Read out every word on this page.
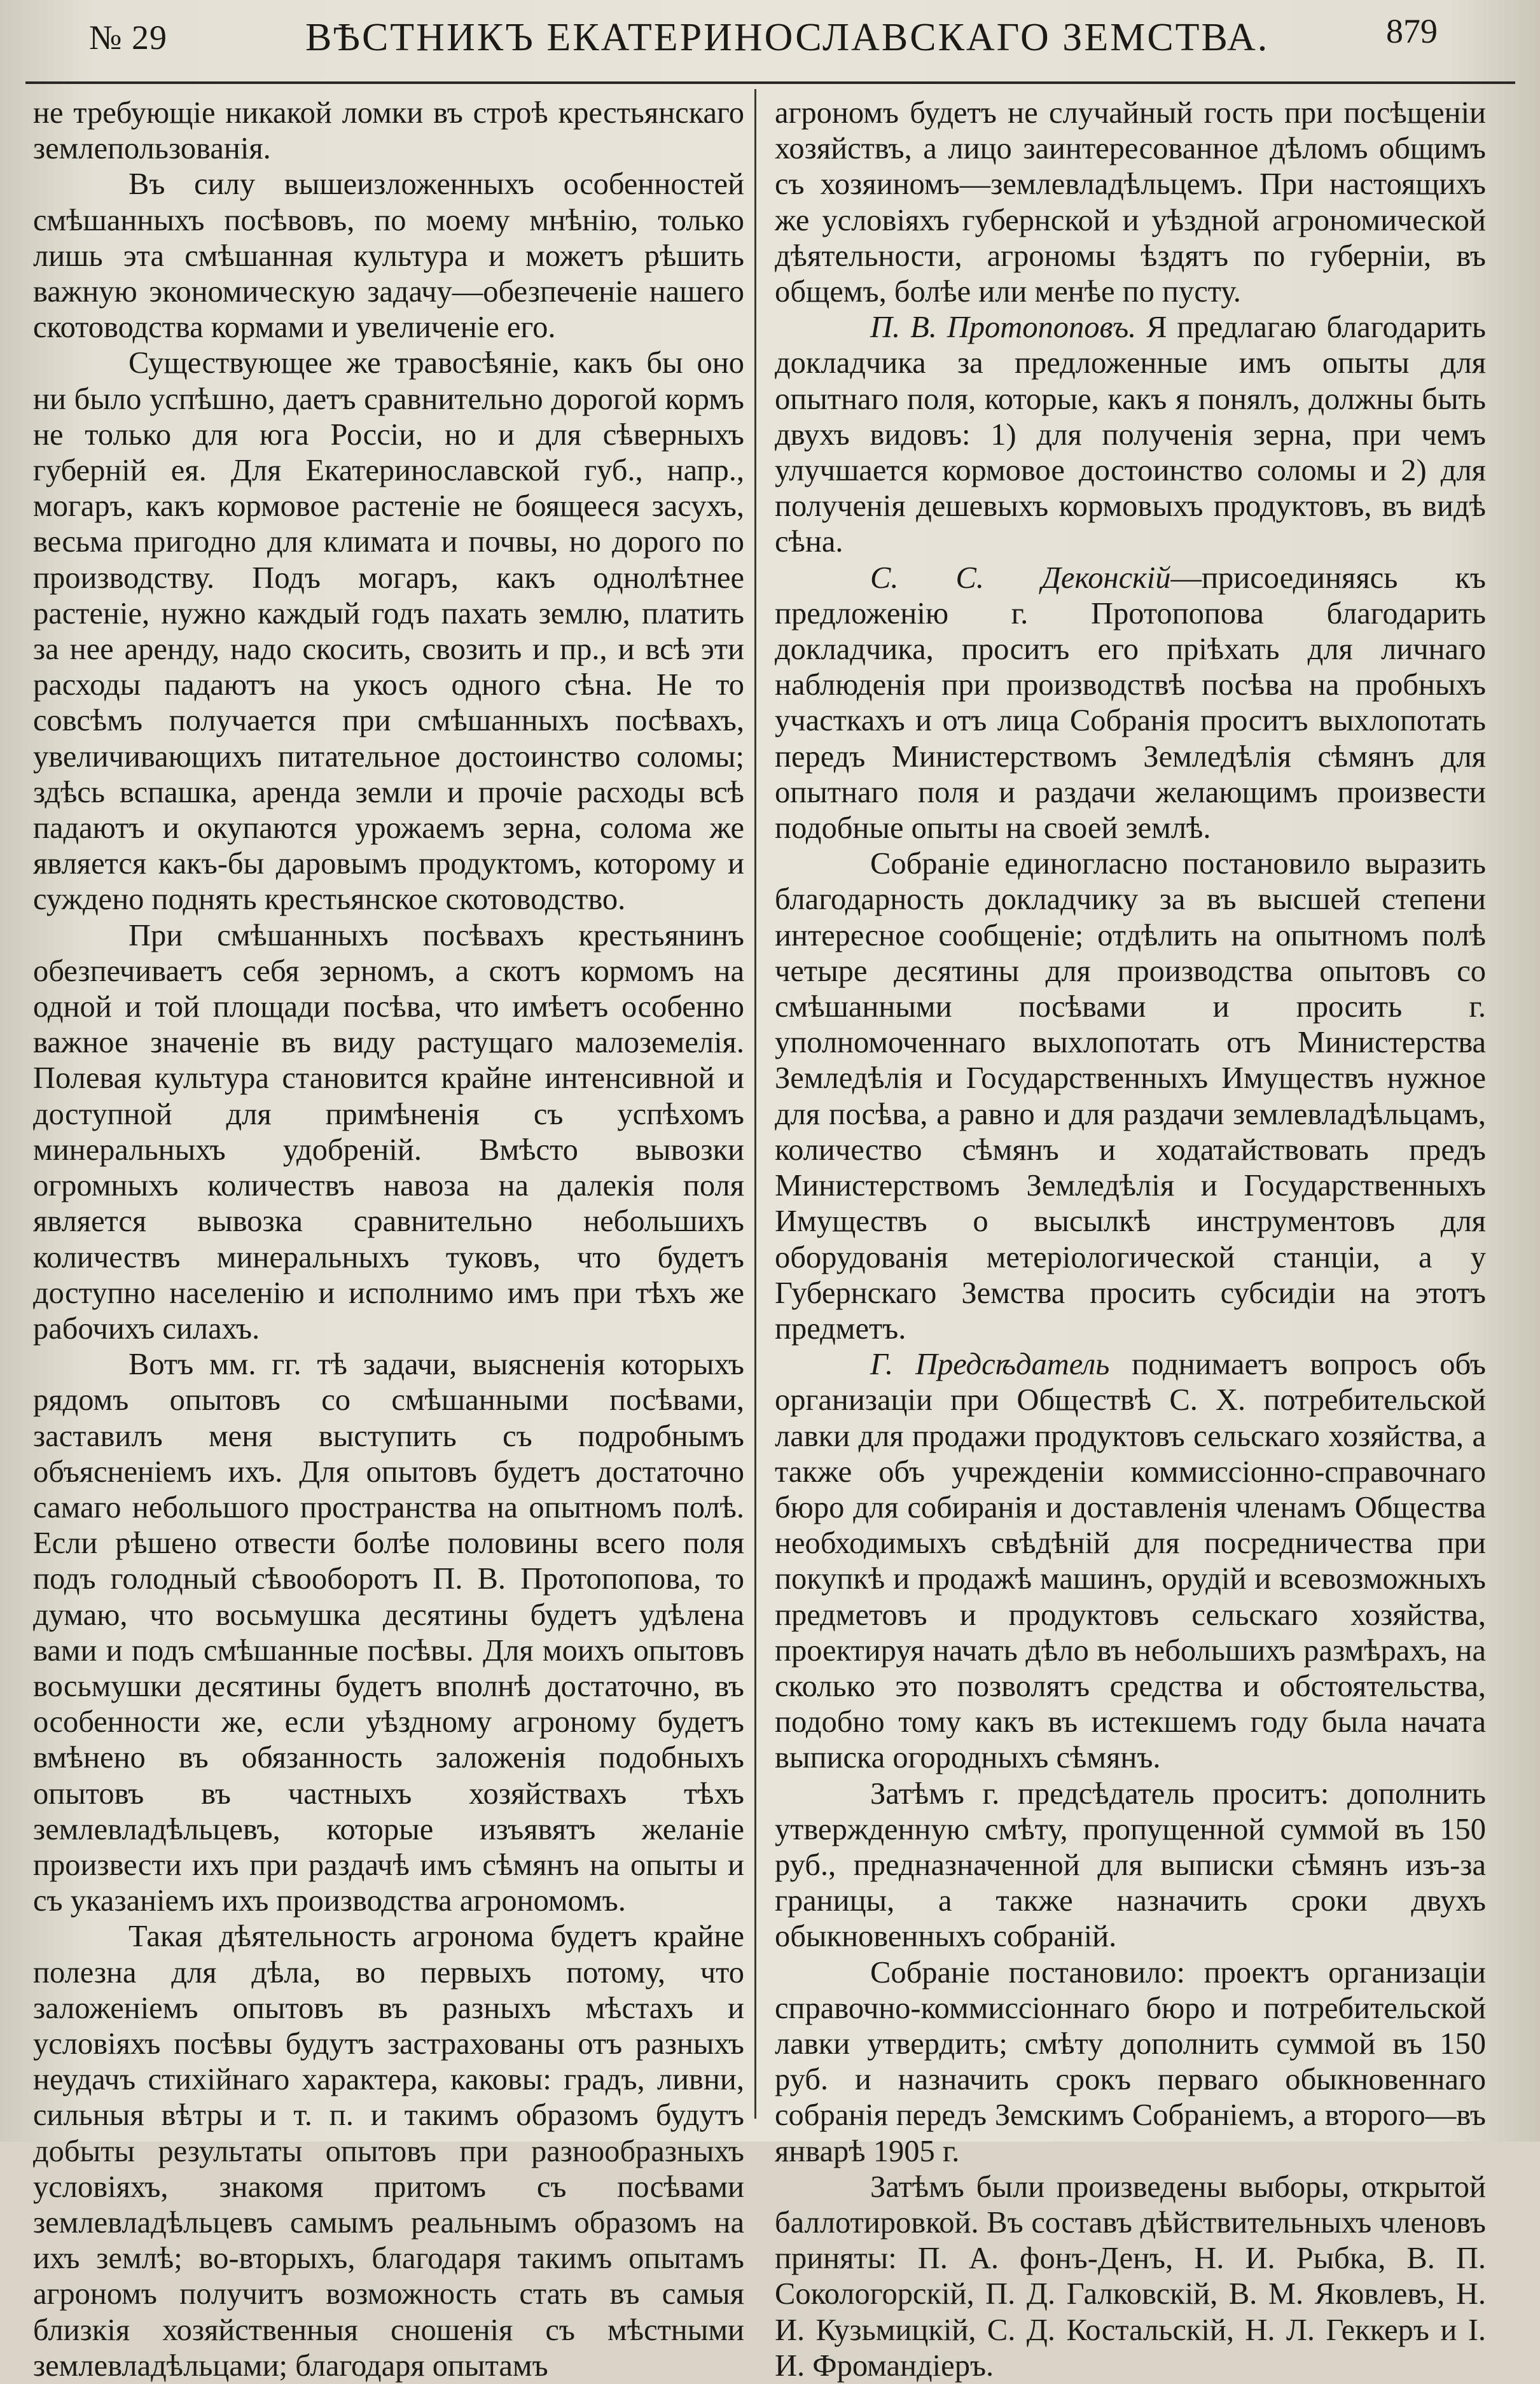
№ 29	ВѢСТНИКЪ ЕКАТЕРИНОСЛАВСКАГО ЗЕМСТВА.	879

не требующіе никакой ломки въ строѣ крестьянскаго землепользованія.

Въ силу вышеизложенныхъ особенностей смѣшанныхъ посѣвовъ, по моему мнѣнію, только лишь эта смѣшанная культура и можетъ рѣшить важную экономическую задачу—обезпеченіе нашего скотоводства кормами и увеличеніе его.

Существующее же травосѣяніе, какъ бы оно ни было успѣшно, даетъ сравнительно дорогой кормъ не только для юга Россіи, но и для сѣверныхъ губерній ея. Для Екатеринославской губ., напр., могаръ, какъ кормовое растеніе не боящееся засухъ, весьма пригодно для климата и почвы, но дорого по производству. Подъ могаръ, какъ однолѣтнее растеніе, нужно каждый годъ пахать землю, платить за нее аренду, надо скосить, свозить и пр., и всѣ эти расходы падаютъ на укосъ одного сѣна. Не то совсѣмъ получается при смѣшанныхъ посѣвахъ, увеличивающихъ питательное достоинство соломы; здѣсь вспашка, аренда земли и прочіе расходы всѣ падаютъ и окупаются урожаемъ зерна, солома же является какъ-бы даровымъ продуктомъ, которому и суждено поднять крестьянское скотоводство.

При смѣшанныхъ посѣвахъ крестьянинъ обезпечиваетъ себя зерномъ, а скотъ кормомъ на одной и той площади посѣва, что имѣетъ особенно важное значеніе въ виду растущаго малоземелія. Полевая культура становится крайне интенсивной и доступной для примѣненія съ успѣхомъ минеральныхъ удобреній. Вмѣсто вывозки огромныхъ количествъ навоза на далекія поля является вывозка сравнительно небольшихъ количествъ минеральныхъ туковъ, что будетъ доступно населенію и исполнимо имъ при тѣхъ же рабочихъ силахъ.

Вотъ мм. гг. тѣ задачи, выясненія которыхъ рядомъ опытовъ со смѣшанными посѣвами, заставилъ меня выступить съ подробнымъ объясненіемъ ихъ. Для опытовъ будетъ достаточно самаго небольшого пространства на опытномъ полѣ. Если рѣшено отвести болѣе половины всего поля подъ голодный сѣвооборотъ П. В. Протопопова, то думаю, что восьмушка десятины будетъ удѣлена вами и подъ смѣшанные посѣвы. Для моихъ опытовъ восьмушки десятины будетъ вполнѣ достаточно, въ особенности же, если уѣздному агроному будетъ вмѣнено въ обязанность заложенія подобныхъ опытовъ въ частныхъ хозяйствахъ тѣхъ землевладѣльцевъ, которые изъявятъ желаніе произвести ихъ при раздачѣ имъ сѣмянъ на опыты и съ указаніемъ ихъ производства агрономомъ.

Такая дѣятельность агронома будетъ крайне полезна для дѣла, во первыхъ потому, что заложеніемъ опытовъ въ разныхъ мѣстахъ и условіяхъ посѣвы будутъ застрахованы отъ разныхъ неудачъ стихійнаго характера, каковы: градъ, ливни, сильныя вѣтры и т. п. и такимъ образомъ будутъ добыты результаты опытовъ при разнообразныхъ условіяхъ, знакомя притомъ съ посѣвами землевладѣльцевъ самымъ реальнымъ образомъ на ихъ землѣ; во-вторыхъ, благодаря такимъ опытамъ агрономъ получитъ возможность стать въ самыя близкія хозяйственныя сношенія съ мѣстными землевладѣльцами; благодаря опытамъ

агрономъ будетъ не случайный гость при посѣщеніи хозяйствъ, а лицо заинтересованное дѣломъ общимъ съ хозяиномъ—землевладѣльцемъ. При настоящихъ же условіяхъ губернской и уѣздной агрономической дѣятельности, агрономы ѣздятъ по губерніи, въ общемъ, болѣе или менѣе по пусту.

П. В. Протопоповъ. Я предлагаю благодарить докладчика за предложенные имъ опыты для опытнаго поля, которые, какъ я понялъ, должны быть двухъ видовъ: 1) для полученія зерна, при чемъ улучшается кормовое достоинство соломы и 2) для полученія дешевыхъ кормовыхъ продуктовъ, въ видѣ сѣна.

С. С. Деконскій—присоединяясь къ предложенію г. Протопопова благодарить докладчика, проситъ его пріѣхать для личнаго наблюденія при производствѣ посѣва на пробныхъ участкахъ и отъ лица Собранія проситъ выхлопотать передъ Министерствомъ Земледѣлія сѣмянъ для опытнаго поля и раздачи желающимъ произвести подобные опыты на своей землѣ.

Собраніе единогласно постановило выразить благодарность докладчику за въ высшей степени интересное сообщеніе; отдѣлить на опытномъ полѣ четыре десятины для производства опытовъ со смѣшанными посѣвами и просить г. уполномоченнаго выхлопотать отъ Министерства Земледѣлія и Государственныхъ Имуществъ нужное для посѣва, а равно и для раздачи землевладѣльцамъ, количество сѣмянъ и ходатайствовать предъ Министерствомъ Земледѣлія и Государственныхъ Имуществъ о высылкѣ инструментовъ для оборудованія метеріологической станціи, а у Губернскаго Земства просить субсидіи на этотъ предметъ.

Г. Предсѣдатель поднимаетъ вопросъ объ организаціи при Обществѣ С. Х. потребительской лавки для продажи продуктовъ сельскаго хозяйства, а также объ учрежденіи коммиссіонно-справочнаго бюро для собиранія и доставленія членамъ Общества необходимыхъ свѣдѣній для посредничества при покупкѣ и продажѣ машинъ, орудій и всевозможныхъ предметовъ и продуктовъ сельскаго хозяйства, проектируя начать дѣло въ небольшихъ размѣрахъ, на сколько это позволятъ средства и обстоятельства, подобно тому какъ въ истекшемъ году была начата выписка огородныхъ сѣмянъ.

Затѣмъ г. предсѣдатель проситъ: дополнить утвержденную смѣту, пропущенной суммой въ 150 руб., предназначенной для выписки сѣмянъ изъ-за границы, а также назначить сроки двухъ обыкновенныхъ собраній.

Собраніе постановило: проектъ организаціи справочно-коммиссіоннаго бюро и потребительской лавки утвердить; смѣту дополнить суммой въ 150 руб. и назначить срокъ перваго обыкновеннаго собранія передъ Земскимъ Собраніемъ, а второго—въ январѣ 1905 г.

Затѣмъ были произведены выборы, открытой баллотировкой. Въ составъ дѣйствительныхъ членовъ приняты: П. А. фонъ-Денъ, Н. И. Рыбка, В. П. Сокологорскій, П. Д. Галковскій, В. М. Яковлевъ, Н. И. Кузьмицкій, С. Д. Костальскій, Н. Л. Геккеръ и І. И. Фромандіеръ.
